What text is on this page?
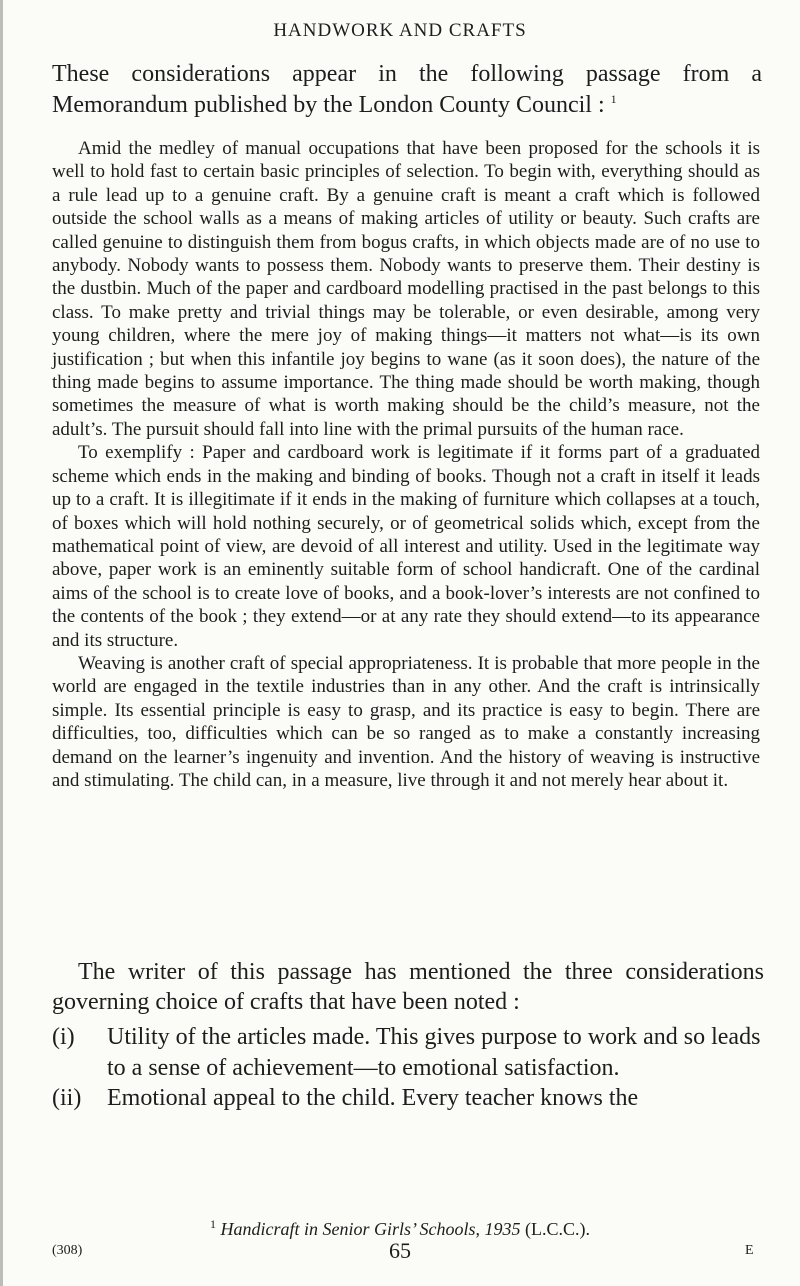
HANDWORK AND CRAFTS

These considerations appear in the following passage from a Memorandum published by the London County Council : $^1$

Amid the medley of manual occupations that have been proposed for the schools it is well to hold fast to certain basic principles of selection. To begin with, everything should as a rule lead up to a genuine craft. By a genuine craft is meant a craft which is followed outside the school walls as a means of making articles of utility or beauty. Such crafts are called genuine to distinguish them from bogus crafts, in which objects made are of no use to anybody. Nobody wants to possess them. Nobody wants to preserve them. Their destiny is the dustbin. Much of the paper and cardboard modelling practised in the past belongs to this class. To make pretty and trivial things may be tolerable, or even desirable, among very young children, where the mere joy of making things—it matters not what—is its own justification ; but when this infantile joy begins to wane (as it soon does), the nature of the thing made begins to assume importance. The thing made should be worth making, though sometimes the measure of what is worth making should be the child’s measure, not the adult’s. The pursuit should fall into line with the primal pursuits of the human race.

To exemplify : Paper and cardboard work is legitimate if it forms part of a graduated scheme which ends in the making and binding of books. Though not a craft in itself it leads up to a craft. It is illegitimate if it ends in the making of furniture which collapses at a touch, of boxes which will hold nothing securely, or of geometrical solids which, except from the mathematical point of view, are devoid of all interest and utility. Used in the legitimate way above, paper work is an eminently suitable form of school handicraft. One of the cardinal aims of the school is to create love of books, and a book-lover’s interests are not confined to the contents of the book ; they extend—or at any rate they should extend—to its appearance and its structure.

Weaving is another craft of special appropriateness. It is probable that more people in the world are engaged in the textile industries than in any other. And the craft is intrinsically simple. Its essential principle is easy to grasp, and its practice is easy to begin. There are difficulties, too, difficulties which can be so ranged as to make a constantly increasing demand on the learner’s ingenuity and invention. And the history of weaving is instructive and stimulating. The child can, in a measure, live through it and not merely hear about it.

The writer of this passage has mentioned the three considerations governing choice of crafts that have been noted :

(i) Utility of the articles made. This gives purpose to work and so leads to a sense of achievement—to emotional satisfaction.
(ii) Emotional appeal to the child. Every teacher knows the
$^1$ Handicraft in Senior Girls’ Schools, 1935 (L.C.C.).
(308)	65	E
